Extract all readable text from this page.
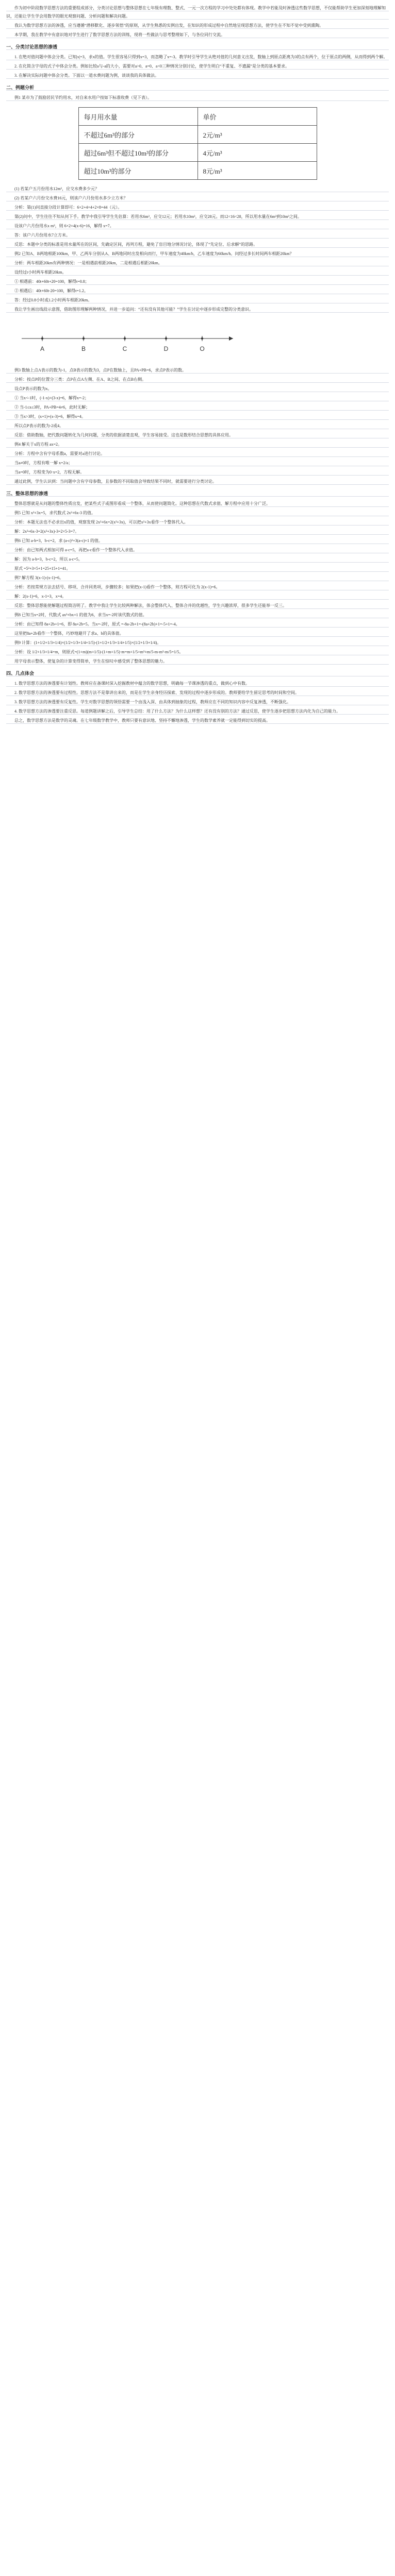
　　作为初中阶段数学思想方法的重要组成部分，分类讨论思想与整体思想在七年级有理数、整式、一元一次方程的学习中处处都有体现。教学中若能及时渗透这些数学思想，不仅能帮助学生更加深刻地理解知识，还能让学生学会用数学的眼光观察问题、分析问题和解决问题。
　　我认为数学思想方法的渗透，应当遵循“潜移默化、逐步领悟”的原则，从学生熟悉的实例出发，在知识的形成过程中自然地呈现思想方法，使学生在不知不觉中受到熏陶。
　　本学期，我在教学中有意识地对学生进行了数学思想方法的训练，现将一些做法与思考整理如下，与各位同行交流。
一、分类讨论思想的渗透
　　1. 在绝对值问题中体会分类。已知|x|=3，求x的值。学生很容易只得到x=3，而忽略了x=-3。教学时引导学生从绝对值的几何意义出发，数轴上到原点距离为3的点有两个，位于原点的两侧，从而得到两个解。
　　2. 在化简含字母的式子中体会分类。例如比较a与-a的大小，需要对a>0、a=0、a<0三种情况分别讨论，使学生明白“不重复、不遗漏”是分类的基本要求。
　　3. 在解决实际问题中体会分类。下面以一道水费问题为例，谈谈我的具体做法。
二、例题分析
　　例1 某市为了鼓励居民节约用水，对自来水用户按如下标准收费（见下表）。
每月用水量	单价
不超过6m³的部分	2元/m³
超过6m³但不超过10m³的部分	4元/m³
超过10m³的部分	8元/m³
　　(1) 若某户五月份用水12m³，应交水费多少元？
　　(2) 若某户六月份交水费16元，则该户六月份用水多少立方米？
　　分析：第(1)问直接分段计算即可：6×2+4×4+2×8=44（元）。
　　第(2)问中，学生往往不知从何下手。教学中我引导学生先估算：若用水6m³，应交12元；若用水10m³，应交28元。而12<16<28，所以用水量在6m³到10m³之间。
　　设该户六月份用水x m³，则 6×2+4(x-6)=16，解得 x=7。
　　答：该户六月份用水7立方米。
　　反思：本题中分类的标准是用水量所在的区间，先确定区间，再列方程，避免了盲目地分情况讨论，体现了“先定位、后求解”的思路。
　　例2 已知A、B两地相距100km，甲、乙两车分别从A、B两地同时出发相向而行，甲车速度为40km/h，乙车速度为60km/h。问经过多长时间两车相距20km？
　　分析：两车相距20km有两种情况：一是相遇前相距20km，二是相遇后相距20km。
　　设经过t小时两车相距20km。
　　① 相遇前：40t+60t+20=100，解得t=0.8；
　　② 相遇后：40t+60t-20=100，解得t=1.2。
　　答：经过0.8小时或1.2小时两车相距20km。
　　我让学生画出线段示意图，借助图形理解两种情况，并进一步追问：“还有没有其他可能？”学生在讨论中逐步形成完整的分类意识。
A	B	C	D	O
　　例3 数轴上点A表示的数为-1，点B表示的数为3，点P在数轴上，且PA+PB=6，求点P表示的数。
　　分析：按点P的位置分三类：点P在点A左侧、在A、B之间、在点B右侧。
　　设点P表示的数为x。
　　① 当x<-1时，(-1-x)+(3-x)=6，解得x=-2；
　　② 当-1≤x≤3时，PA+PB=4≠6，此时无解；
　　③ 当x>3时，(x+1)+(x-3)=6，解得x=4。
　　所以点P表示的数为-2或4。
　　反思：借助数轴，把代数问题转化为几何问题，分类的依据清楚直观，学生容易接受。这也是数形结合思想的具体应用。
　　例4 解关于x的方程 ax=2。
　　分析：方程中含有字母系数a，需要对a进行讨论。
　　当a≠0时，方程有唯一解 x=2/a；
　　当a=0时，方程变为0·x=2，方程无解。
　　通过此例，学生认识到：当问题中含有字母参数，且参数的不同取值会导致结果不同时，就需要进行分类讨论。
三、整体思想的渗透
　　整体思想就是从问题的整体性质出发，把某些式子或图形看成一个整体，从而使问题简化。这种思想在代数式求值、解方程中应用十分广泛。
　　例5 已知 x²+3x=5，求代数式 2x²+6x-3 的值。
　　分析：本题无法也不必求出x的值，观察发现 2x²+6x=2(x²+3x)，可以把x²+3x看作一个整体代入。
　　解：2x²+6x-3=2(x²+3x)-3=2×5-3=7。
　　例6 已知 a-b=3，b-c=2，求 (a-c)²+3(a-c)+1 的值。
　　分析：由已知两式相加可得 a-c=5，再把a-c看作一个整体代入求值。
　　解：因为 a-b=3，b-c=2，所以 a-c=5。
　　原式 =5²+3×5+1=25+15+1=41。
　　例7 解方程 3(x-1)-(x-1)=6。
　　分析：若按常规方法去括号、移项、合并同类项，步骤较多；如果把(x-1)看作一个整体，则方程可化为 2(x-1)=6。
　　解：2(x-1)=6，x-1=3，x=4。
　　反思：整体思想能使解题过程简洁明了。教学中我让学生比较两种解法，体会整体代入、整体合并的优越性，学生兴趣浓厚，很多学生还能举一反三。
　　例8 已知当x=2时，代数式 ax³+bx+1 的值为6，求当x=-2时该代数式的值。
　　分析：由已知得 8a+2b+1=6，即 8a+2b=5。当x=-2时，原式 =-8a-2b+1=-(8a+2b)+1=-5+1=-4。
　　这里把8a+2b看作一个整体，巧妙地避开了求a、b的具体值。
　　例9 计算：(1+1/2+1/3+1/4)×(1/2+1/3+1/4+1/5)-(1+1/2+1/3+1/4+1/5)×(1/2+1/3+1/4)。
　　分析：设 1/2+1/3+1/4=m，则原式=(1+m)(m+1/5)-(1+m+1/5)·m=m+1/5+m²+m/5-m-m²-m/5=1/5。
　　用字母表示整体，使复杂的计算变得简单，学生在惊叹中感受到了整体思想的魅力。
四、几点体会
　　1. 数学思想方法的渗透要有计划性。教师应在备课时深入挖掘教材中蕴含的数学思想，明确每一节课渗透的重点，做到心中有数。
　　2. 数学思想方法的渗透要有过程性。思想方法不是靠讲出来的，而是在学生亲身经历探索、发现的过程中逐步形成的。教师要给学生留足思考的时间和空间。
　　3. 数学思想方法的渗透要有反复性。学生对数学思想的领悟需要一个由浅入深、由具体到抽象的过程，教师应在不同的知识内容中反复渗透，不断强化。
　　4. 数学思想方法的渗透要注重反思。每道例题讲解之后，引导学生总结：用了什么方法？为什么这样想？还有没有别的方法？通过反思，使学生逐步把思想方法内化为自己的能力。
　　总之，数学思想方法是数学的灵魂。在七年级数学教学中，教师只要有意识地、坚持不懈地渗透，学生的数学素养就一定能得到切实的提高。
